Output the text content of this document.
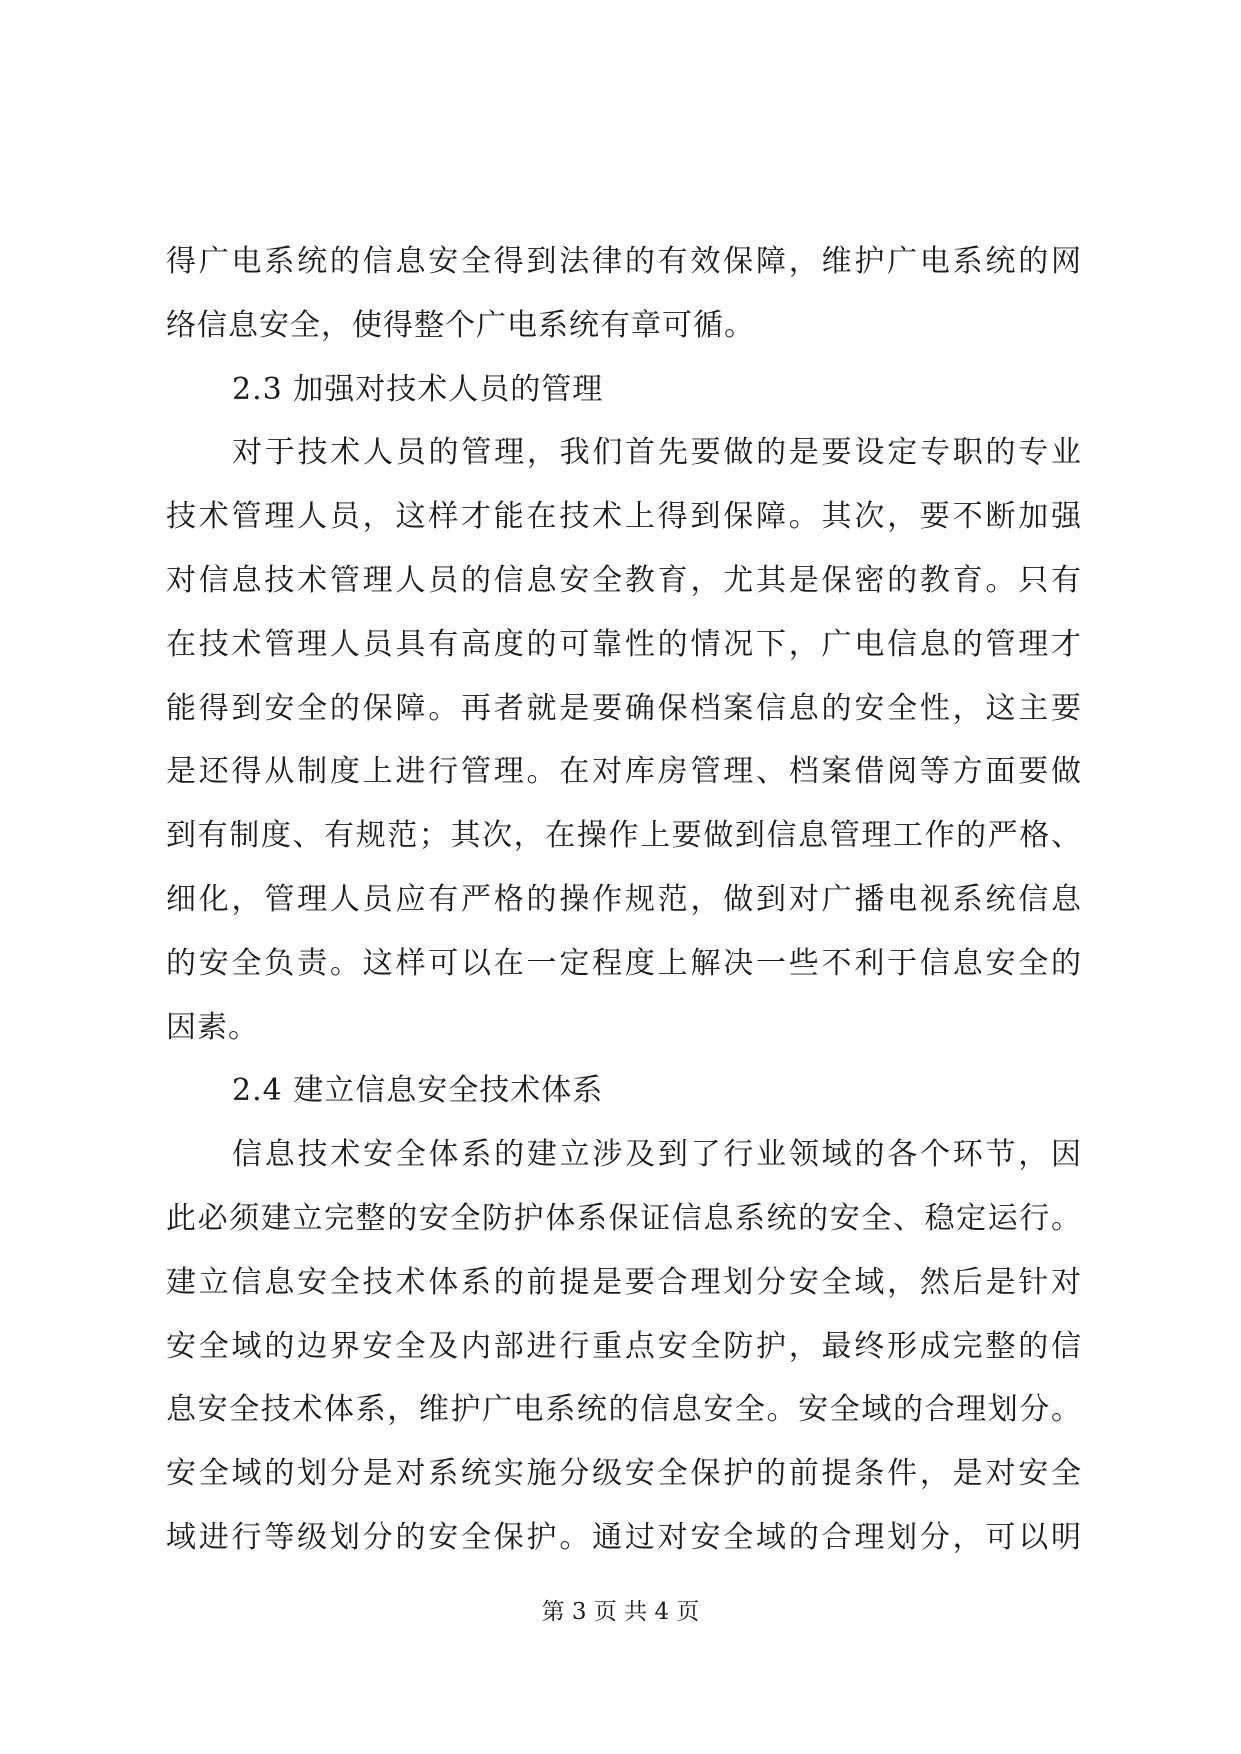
得广电系统的信息安全得到法律的有效保障，维护广电系统的网
络信息安全，使得整个广电系统有章可循。
2.3 加强对技术人员的管理
对于技术人员的管理，我们首先要做的是要设定专职的专业
技术管理人员，这样才能在技术上得到保障。其次，要不断加强
对信息技术管理人员的信息安全教育，尤其是保密的教育。只有
在技术管理人员具有高度的可靠性的情况下，广电信息的管理才
能得到安全的保障。再者就是要确保档案信息的安全性，这主要
是还得从制度上进行管理。在对库房管理、档案借阅等方面要做
到有制度、有规范；其次，在操作上要做到信息管理工作的严格、
细化，管理人员应有严格的操作规范，做到对广播电视系统信息
的安全负责。这样可以在一定程度上解决一些不利于信息安全的
因素。
2.4 建立信息安全技术体系
信息技术安全体系的建立涉及到了行业领域的各个环节，因
此必须建立完整的安全防护体系保证信息系统的安全、稳定运行。
建立信息安全技术体系的前提是要合理划分安全域，然后是针对
安全域的边界安全及内部进行重点安全防护，最终形成完整的信
息安全技术体系，维护广电系统的信息安全。安全域的合理划分。
安全域的划分是对系统实施分级安全保护的前提条件，是对安全
域进行等级划分的安全保护。通过对安全域的合理划分，可以明
第 3 页 共 4 页
